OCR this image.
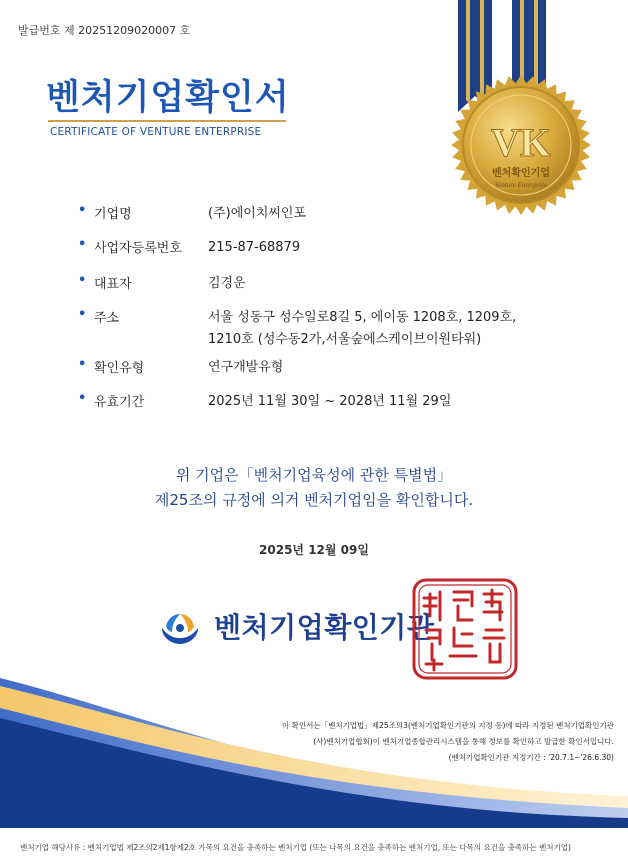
발급번호 제 20251209020007 호
VK
벤처확인기업
Venture Enterprise
벤처기업확인서
CERTIFICATE OF VENTURE ENTERPRISE
• 기업명	(주)에이치씨인포
• 사업자등록번호	215-87-68879
• 대표자	김경운
• 주소	서울 성동구 성수일로8길 5, 에이동 1208호, 1209호,
1210호 (성수동2가,서울숲에스케이브이원타워)
• 확인유형	연구개발유형
• 유효기간	2025년 11월 30일 ~ 2028년 11월 29일
위 기업은「벤처기업육성에 관한 특별법」
제25조의 규정에 의거 벤처기업임을 확인합니다.
2025년 12월 09일
벤처기업확인기관
이 확인서는「벤처기업법」제25조의3(벤처기업확인기관의 지정 등)에 따라 지정된 벤처기업확인기관
(사)벤처기업협회)이 벤처기업종합관리시스템을 통해 정보를 확인하고 발급한 확인서입니다.
(벤처기업확인기관 지정기간 : '20.7.1~'26.6.30)
벤처기업 해당사유 : 벤처기업법 제2조의2제1항제2호 가목의 요건을 충족하는 벤처기업 (또는 나목의 요건을 충족하는 벤처기업, 또는 다목의 요건을 충족하는 벤처기업)
